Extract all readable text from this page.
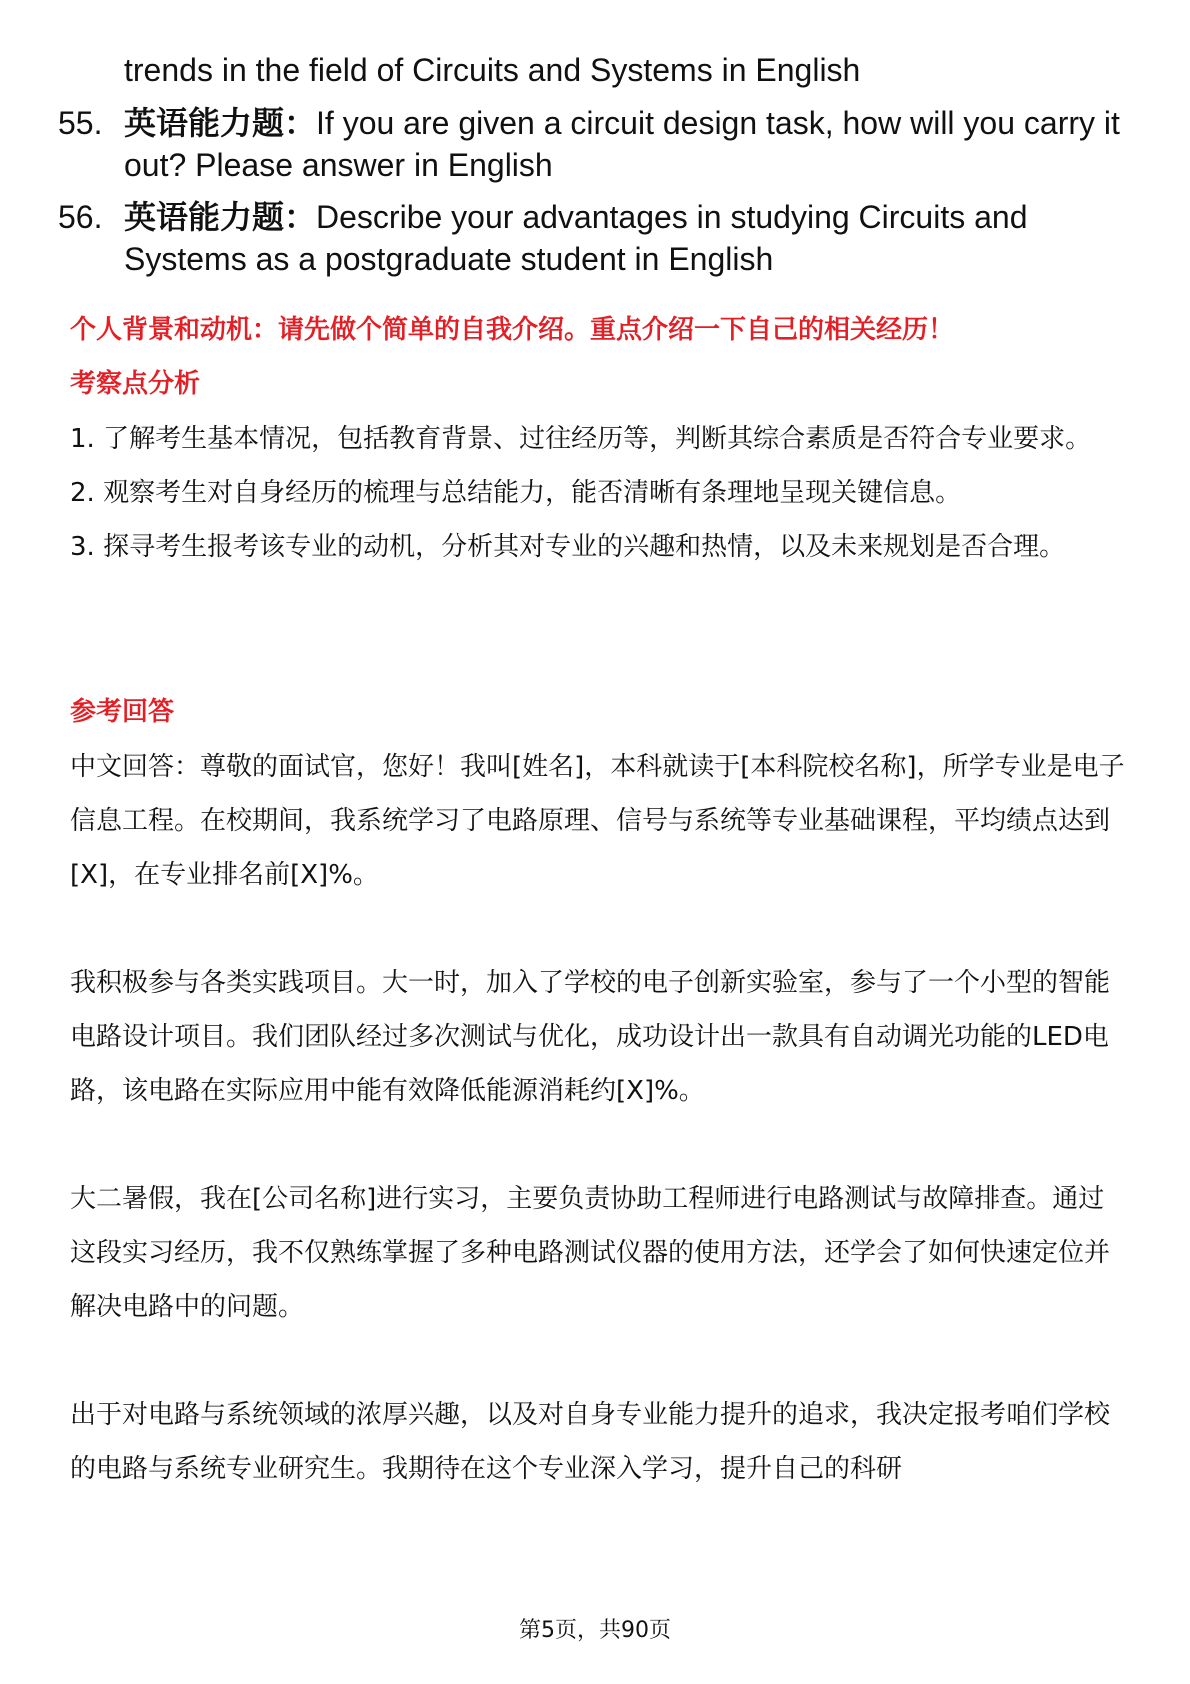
trends in the field of Circuits and Systems in English
55. 英语能力题：If you are given a circuit design task, how will you carry it out? Please answer in English
56. 英语能力题：Describe your advantages in studying Circuits and Systems as a postgraduate student in English
个人背景和动机：请先做个简单的自我介绍。重点介绍一下自己的相关经历！
考察点分析
1. 了解考生基本情况，包括教育背景、过往经历等，判断其综合素质是否符合专业要求。
2. 观察考生对自身经历的梳理与总结能力，能否清晰有条理地呈现关键信息。
3. 探寻考生报考该专业的动机，分析其对专业的兴趣和热情，以及未来规划是否合理。
参考回答
中文回答：尊敬的面试官，您好！我叫[姓名]，本科就读于[本科院校名称]，所学专业是电子信息工程。在校期间，我系统学习了电路原理、信号与系统等专业基础课程，平均绩点达到[X]，在专业排名前[X]%。
我积极参与各类实践项目。大一时，加入了学校的电子创新实验室，参与了一个小型的智能电路设计项目。我们团队经过多次测试与优化，成功设计出一款具有自动调光功能的LED电路，该电路在实际应用中能有效降低能源消耗约[X]%。
大二暑假，我在[公司名称]进行实习，主要负责协助工程师进行电路测试与故障排查。通过这段实习经历，我不仅熟练掌握了多种电路测试仪器的使用方法，还学会了如何快速定位并解决电路中的问题。
出于对电路与系统领域的浓厚兴趣，以及对自身专业能力提升的追求，我决定报考咱们学校的电路与系统专业研究生。我期待在这个专业深入学习，提升自己的科研
第5页，共90页
